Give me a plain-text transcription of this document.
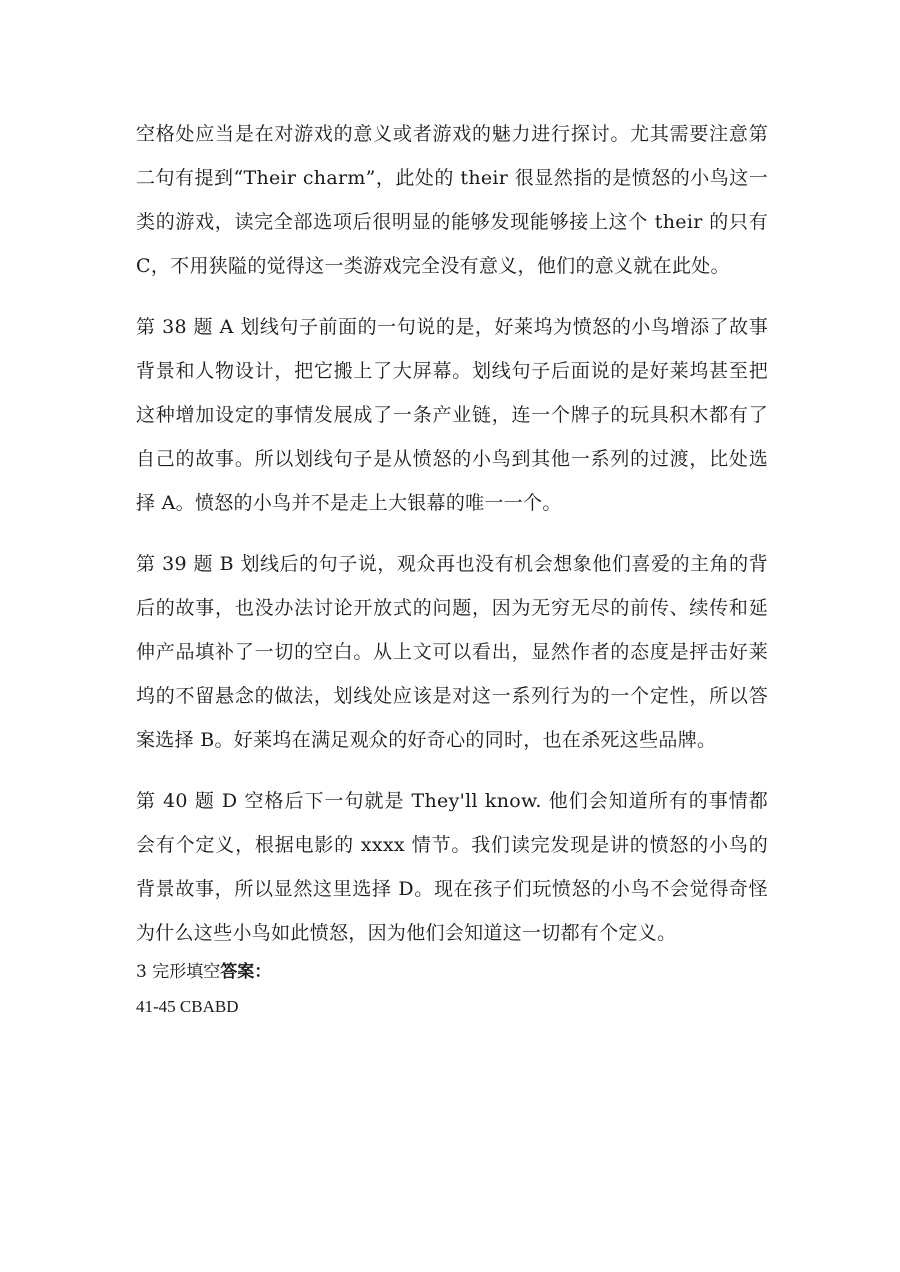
空格处应当是在对游戏的意义或者游戏的魅力进行探讨。尤其需要注意第二句有提到“Their charm”，此处的 their 很显然指的是愤怒的小鸟这一类的游戏，读完全部选项后很明显的能够发现能够接上这个 their 的只有 C，不用狭隘的觉得这一类游戏完全没有意义，他们的意义就在此处。

第 38 题 A 划线句子前面的一句说的是，好莱坞为愤怒的小鸟增添了故事背景和人物设计，把它搬上了大屏幕。划线句子后面说的是好莱坞甚至把这种增加设定的事情发展成了一条产业链，连一个牌子的玩具积木都有了自己的故事。所以划线句子是从愤怒的小鸟到其他一系列的过渡，比处选择 A。愤怒的小鸟并不是走上大银幕的唯一一个。

第 39 题 B 划线后的句子说，观众再也没有机会想象他们喜爱的主角的背后的故事，也没办法讨论开放式的问题，因为无穷无尽的前传、续传和延伸产品填补了一切的空白。从上文可以看出，显然作者的态度是抨击好莱坞的不留悬念的做法，划线处应该是对这一系列行为的一个定性，所以答案选择 B。好莱坞在满足观众的好奇心的同时，也在杀死这些品牌。

第 40 题 D 空格后下一句就是 They'll know. 他们会知道所有的事情都会有个定义，根据电影的 xxxx 情节。我们读完发现是讲的愤怒的小鸟的背景故事，所以显然这里选择 D。现在孩子们玩愤怒的小鸟不会觉得奇怪为什么这些小鸟如此愤怒，因为他们会知道这一切都有个定义。

3 完形填空答案：

41-45 CBABD
